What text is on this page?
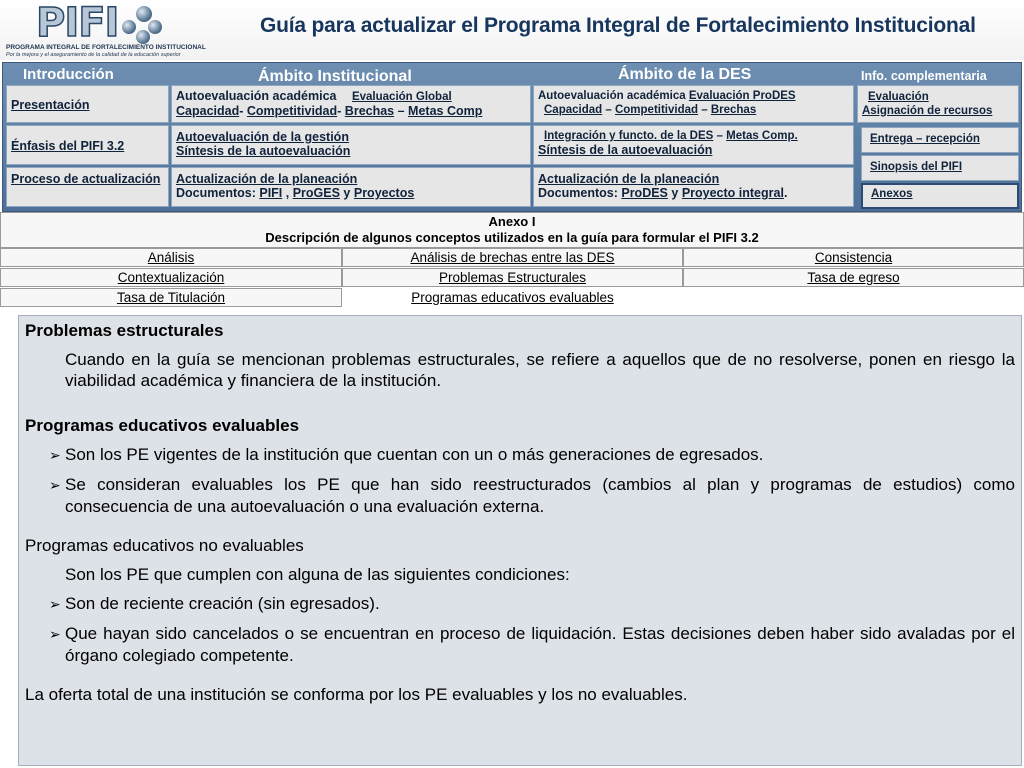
PIFI
PROGRAMA INTEGRAL DE FORTALECIMIENTO INSTITUCIONAL
Por la mejora y el aseguramiento de la calidad de la educación superior
Guía para actualizar el Programa Integral de Fortalecimiento Institucional
Introducción	Ámbito Institucional	Ámbito de la DES	Info. complementaria
Presentación
Énfasis del PIFI 3.2
Proceso de actualización
Autoevaluación académica Evaluación Global
Capacidad- Competitividad- Brechas – Metas Comp
Autoevaluación de la gestión
Síntesis de la autoevaluación
Actualización de la planeación
Documentos: PIFI , ProGES y Proyectos
Autoevaluación académica Evaluación ProDES
Capacidad – Competitividad – Brechas
Integración y functo. de la DES – Metas Comp.
Síntesis de la autoevaluación
Actualización de la planeación
Documentos: ProDES y Proyecto integral.
Evaluación
Asignación de recursos
Entrega – recepción
Sinopsis del PIFI
Anexos
Anexo I
Descripción de algunos conceptos utilizados en la guía para formular el PIFI 3.2
Análisis	Análisis de brechas entre las DES	Consistencia
Contextualización	Problemas Estructurales	Tasa de egreso
Tasa de Titulación	Programas educativos evaluables
Problemas estructurales

Cuando en la guía se mencionan problemas estructurales, se refiere a aquellos que de no resolverse, ponen en riesgo la viabilidad académica y financiera de la institución.

Programas educativos evaluables

➢ Son los PE vigentes de la institución que cuentan con un o más generaciones de egresados.

➢ Se consideran evaluables los PE que han sido reestructurados (cambios al plan y programas de estudios) como consecuencia de una autoevaluación o una evaluación externa.

Programas educativos no evaluables

Son los PE que cumplen con alguna de las siguientes condiciones:

➢ Son de reciente creación (sin egresados).

➢ Que hayan sido cancelados o se encuentran en proceso de liquidación. Estas decisiones deben haber sido avaladas por el órgano colegiado competente.

La oferta total de una institución se conforma por los PE evaluables y los no evaluables.
